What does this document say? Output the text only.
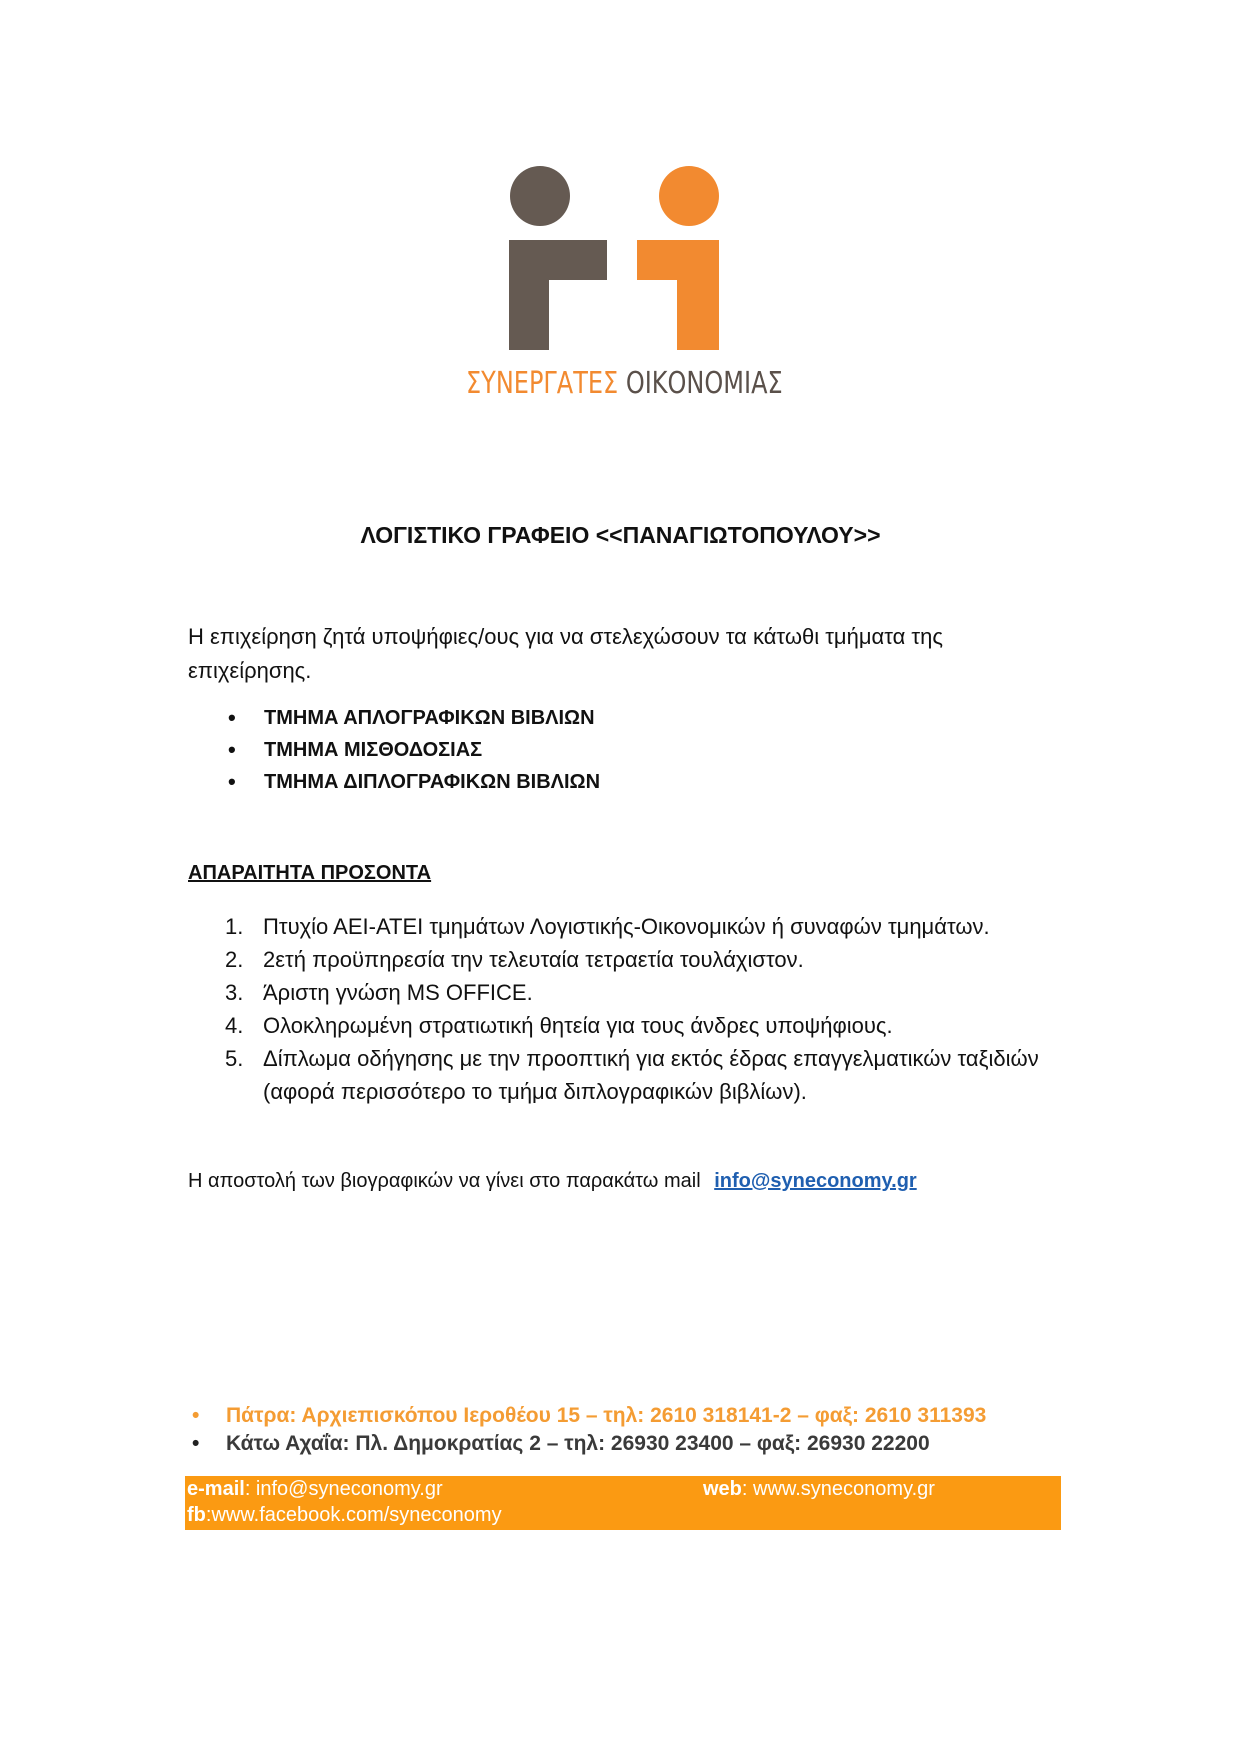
ΣΥΝΕΡΓΑΤΕΣ ΟΙΚΟΝΟΜΙΑΣ
ΛΟΓΙΣΤΙΚΟ ΓΡΑΦΕΙΟ <<ΠΑΝΑΓΙΩΤΟΠΟΥΛΟΥ>>
Η επιχείρηση ζητά υποψήφιες/ους για να στελεχώσουν τα κάτωθι τμήματα της επιχείρησης.
• ΤΜΗΜΑ ΑΠΛΟΓΡΑΦΙΚΩΝ ΒΙΒΛΙΩΝ
• ΤΜΗΜΑ ΜΙΣΘΟΔΟΣΙΑΣ
• ΤΜΗΜΑ ΔΙΠΛΟΓΡΑΦΙΚΩΝ ΒΙΒΛΙΩΝ
ΑΠΑΡΑΙΤΗΤΑ ΠΡΟΣΟΝΤΑ
1. Πτυχίο ΑΕΙ-ΑΤΕΙ τμημάτων Λογιστικής-Οικονομικών ή συναφών τμημάτων.
2. 2ετή προϋπηρεσία την τελευταία τετραετία τουλάχιστον.
3. Άριστη γνώση MS OFFICE.
4. Ολοκληρωμένη στρατιωτική θητεία για τους άνδρες υποψήφιους.
5. Δίπλωμα οδήγησης με την προοπτική για εκτός έδρας επαγγελματικών ταξιδιών (αφορά περισσότερο το τμήμα διπλογραφικών βιβλίων).
Η αποστολή των βιογραφικών να γίνει στο παρακάτω mail info@syneconomy.gr
• Πάτρα: Αρχιεπισκόπου Ιεροθέου 15 – τηλ: 2610 318141-2 – φαξ: 2610 311393
• Κάτω Αχαΐα: Πλ. Δημοκρατίας 2 – τηλ: 26930 23400 – φαξ: 26930 22200
e-mail: info@syneconomy.gr	web: www.syneconomy.gr
fb:www.facebook.com/syneconomy
